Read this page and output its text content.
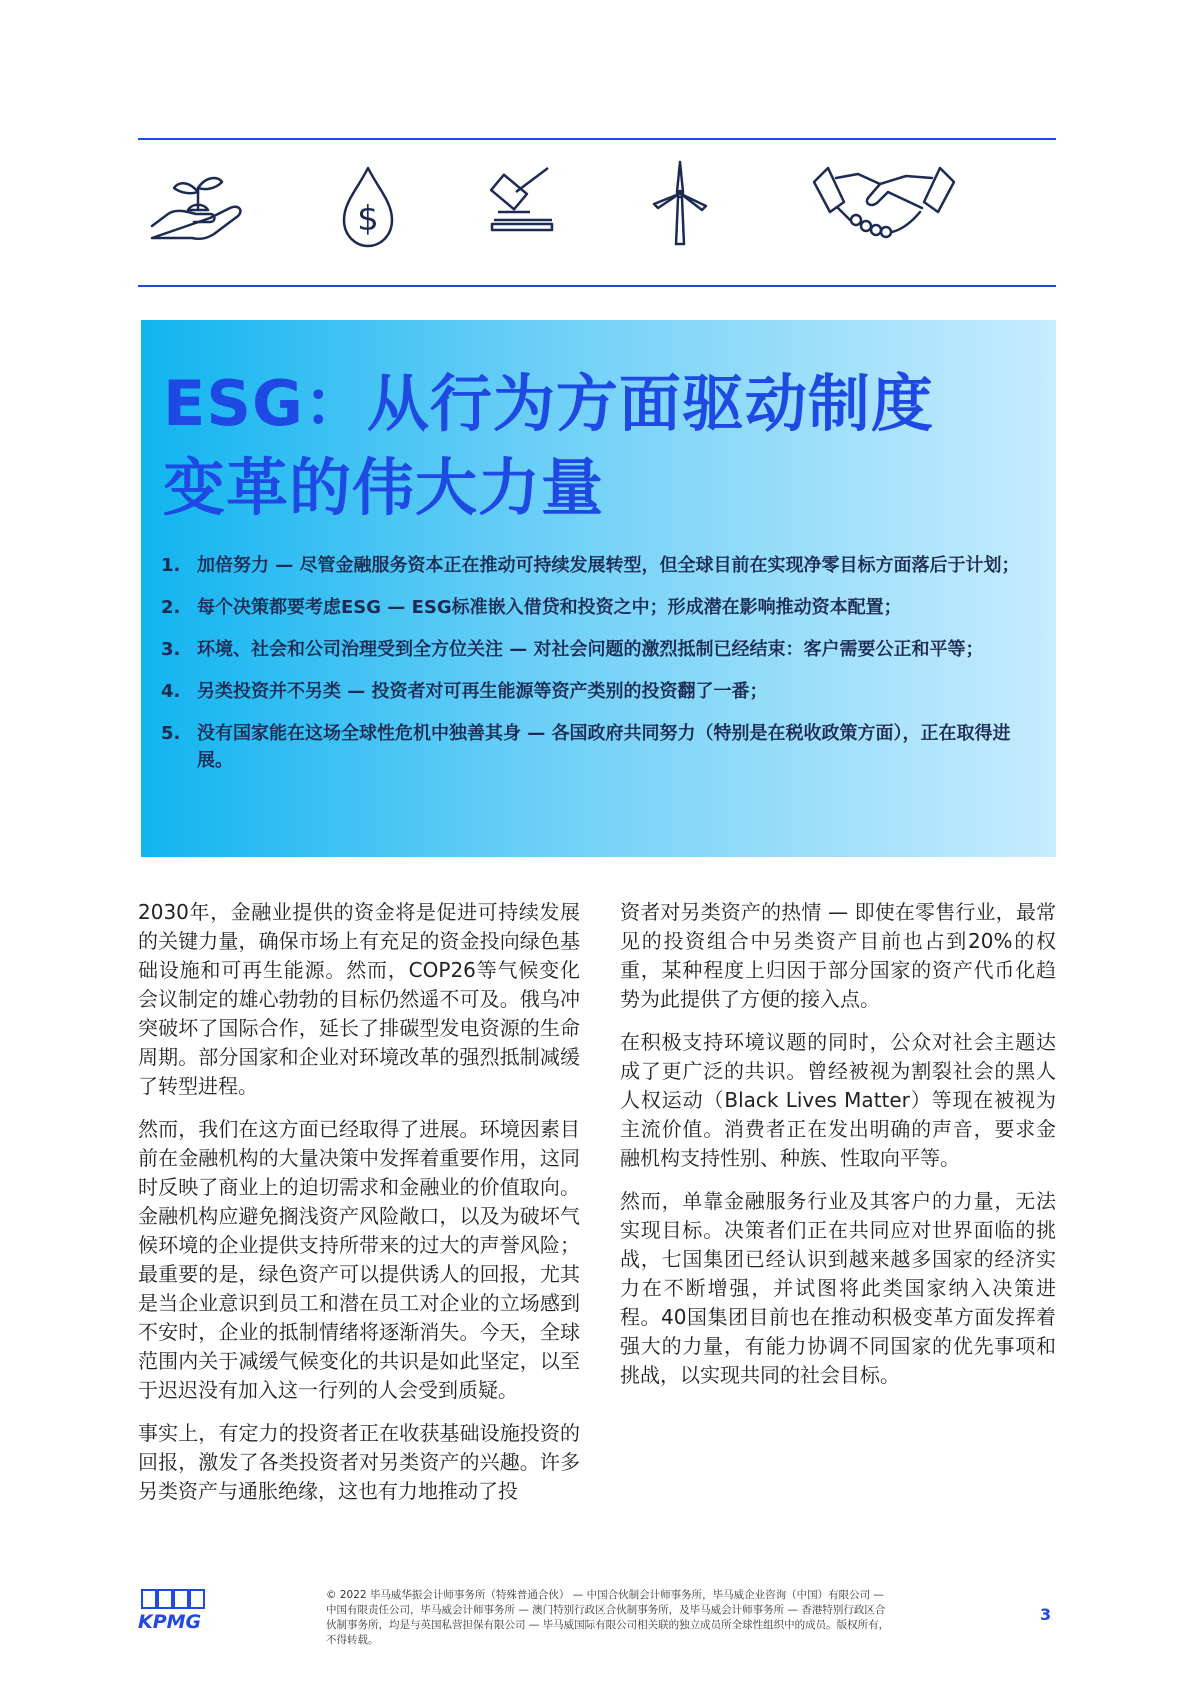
$
ESG：从行为方面驱动制度
变革的伟大力量
1. 加倍努力 — 尽管金融服务资本正在推动可持续发展转型，但全球目前在实现净零目标方面落后于计划；
2. 每个决策都要考虑ESG — ESG标准嵌入借贷和投资之中；形成潜在影响推动资本配置；
3. 环境、社会和公司治理受到全方位关注 — 对社会问题的激烈抵制已经结束：客户需要公正和平等；
4. 另类投资并不另类 — 投资者对可再生能源等资产类别的投资翻了一番；
5. 没有国家能在这场全球性危机中独善其身 — 各国政府共同努力（特别是在税收政策方面），正在取得进展。

2030年，金融业提供的资金将是促进可持续发展的关键力量，确保市场上有充足的资金投向绿色基础设施和可再生能源。然而，COP26等气候变化会议制定的雄心勃勃的目标仍然遥不可及。俄乌冲突破坏了国际合作，延长了排碳型发电资源的生命周期。部分国家和企业对环境改革的强烈抵制减缓了转型进程。

然而，我们在这方面已经取得了进展。环境因素目前在金融机构的大量决策中发挥着重要作用，这同时反映了商业上的迫切需求和金融业的价值取向。金融机构应避免搁浅资产风险敞口，以及为破坏气候环境的企业提供支持所带来的过大的声誉风险；最重要的是，绿色资产可以提供诱人的回报，尤其是当企业意识到员工和潜在员工对企业的立场感到不安时，企业的抵制情绪将逐渐消失。今天，全球范围内关于减缓气候变化的共识是如此坚定，以至于迟迟没有加入这一行列的人会受到质疑。

事实上，有定力的投资者正在收获基础设施投资的回报，激发了各类投资者对另类资产的兴趣。许多另类资产与通胀绝缘，这也有力地推动了投

资者对另类资产的热情 — 即使在零售行业，最常见的投资组合中另类资产目前也占到20%的权重，某种程度上归因于部分国家的资产代币化趋势为此提供了方便的接入点。

在积极支持环境议题的同时，公众对社会主题达成了更广泛的共识。曾经被视为割裂社会的黑人人权运动（Black Lives Matter）等现在被视为主流价值。消费者正在发出明确的声音，要求金融机构支持性别、种族、性取向平等。

然而，单靠金融服务行业及其客户的力量，无法实现目标。决策者们正在共同应对世界面临的挑战，七国集团已经认识到越来越多国家的经济实力在不断增强，并试图将此类国家纳入决策进程。40国集团目前也在推动积极变革方面发挥着强大的力量，有能力协调不同国家的优先事项和挑战，以实现共同的社会目标。

KPMG
© 2022 毕马威华振会计师事务所（特殊普通合伙） — 中国合伙制会计师事务所，毕马威企业咨询（中国）有限公司 — 中国有限责任公司，毕马威会计师事务所 — 澳门特别行政区合伙制事务所，及毕马威会计师事务所 — 香港特别行政区合伙制事务所，均是与英国私营担保有限公司 — 毕马威国际有限公司相关联的独立成员所全球性组织中的成员。版权所有，不得转载。
3
